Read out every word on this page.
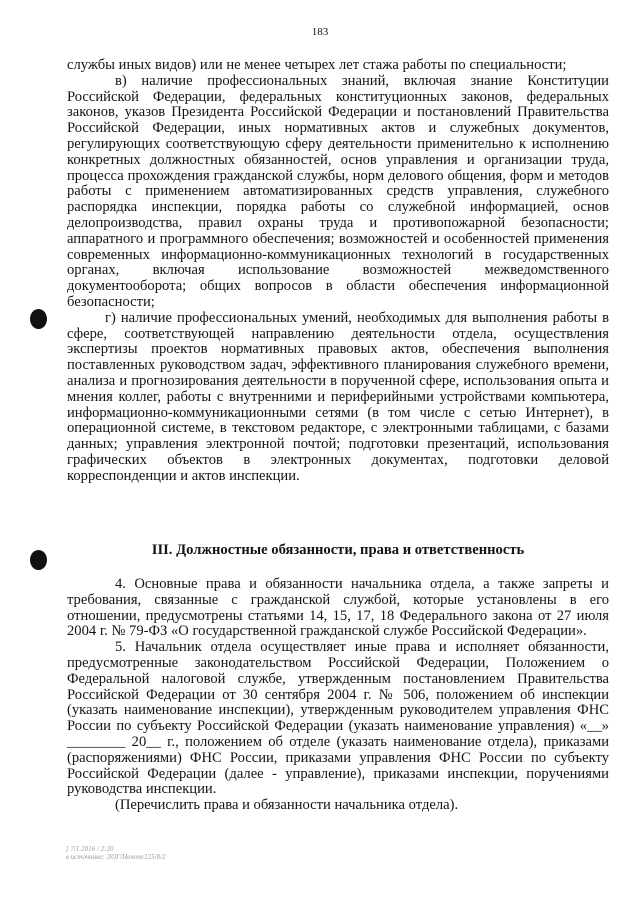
183

службы иных видов) или не менее четырех лет стажа работы по специальности;

в) наличие профессиональных знаний, включая знание Конституции Российской Федерации, федеральных конституционных законов, федеральных законов, указов Президента Российской Федерации и постановлений Правительства Российской Федерации, иных нормативных актов и служебных документов, регулирующих соответствующую сферу деятельности применительно к исполнению конкретных должностных обязанностей, основ управления и организации труда, процесса прохождения гражданской службы, норм делового общения, форм и методов работы с применением автоматизированных средств управления, служебного распорядка инспекции, порядка работы со служебной информацией, основ делопроизводства, правил охраны труда и противопожарной безопасности; аппаратного и программного обеспечения; возможностей и особенностей применения современных информационно-коммуникационных технологий в государственных органах, включая использование возможностей межведомственного документооборота; общих вопросов в области обеспечения информационной безопасности;

г) наличие профессиональных умений, необходимых для выполнения работы в сфере, соответствующей направлению деятельности отдела, осуществления экспертизы проектов нормативных правовых актов, обеспечения выполнения поставленных руководством задач, эффективного планирования служебного времени, анализа и прогнозирования деятельности в порученной сфере, использования опыта и мнения коллег, работы с внутренними и периферийными устройствами компьютера, информационно-коммуникационными сетями (в том числе с сетью Интернет), в операционной системе, в текстовом редакторе, с электронными таблицами, с базами данных; управления электронной почтой; подготовки презентаций, использования графических объектов в электронных документах, подготовки деловой корреспонденции и актов инспекции.

III. Должностные обязанности, права и ответственность

4. Основные права и обязанности начальника отдела, а также запреты и требования, связанные с гражданской службой, которые установлены в его отношении, предусмотрены статьями 14, 15, 17, 18 Федерального закона от 27 июля 2004 г. № 79-ФЗ «О государственной гражданской службе Российской Федерации».

5. Начальник отдела осуществляет иные права и исполняет обязанности, предусмотренные законодательством Российской Федерации, Положением о Федеральной налоговой службе, утвержденным постановлением Правительства Российской Федерации от 30 сентября 2004 г. № 506, положением об инспекции (указать наименование инспекции), утвержденным руководителем управления ФНС России по субъекту Российской Федерации (указать наименование управления) «__» ________ 20__ г., положением об отделе (указать наименование отдела), приказами (распоряжениями) ФНС России, приказами управления ФНС России по субъекту Российской Федерации (далее - управление), приказами инспекции, поручениями руководства инспекции.

(Перечислить права и обязанности начальника отдела).

[ 7/1.2016 / 2:20

в источнике: ЛОГ/Ненот/125/0/2
